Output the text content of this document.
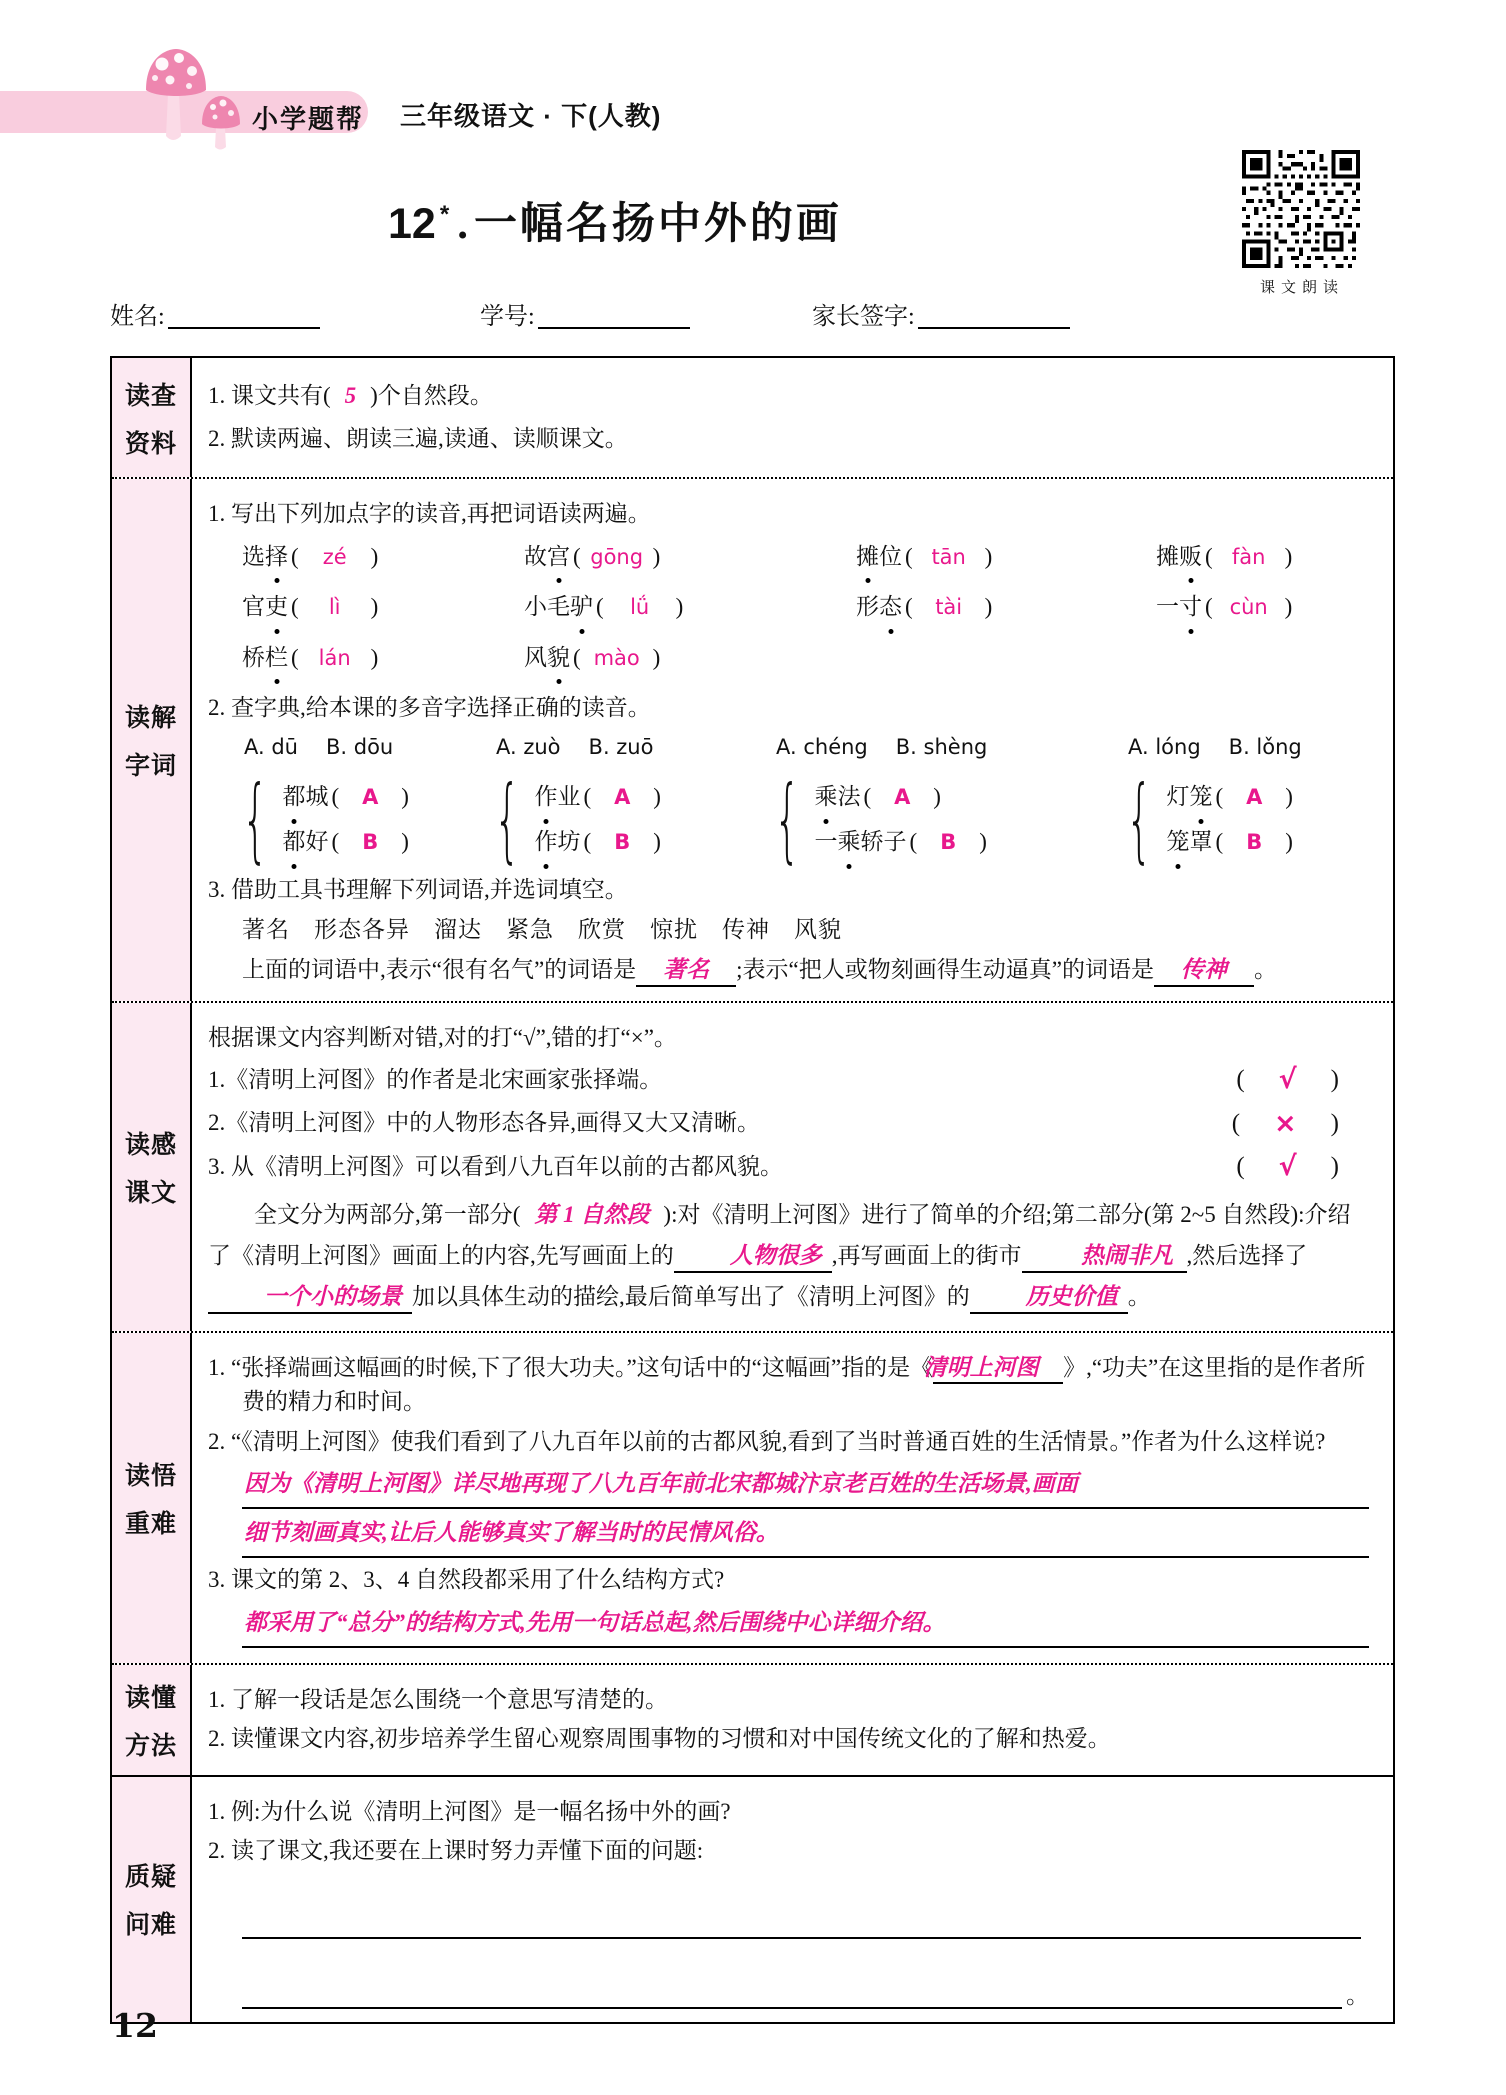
小学题帮 三年级语文 · 下(人教)
课文朗读
12 * . 一幅名扬中外的画
姓名:	学号:	家长签字:
读查
资料

1. 课文共有( 5 )个自然段。

2. 默读两遍、朗读三遍,读通、读顺课文。

读解
字词

1. 写出下列加点字的读音,再把词语读两遍。

选 择 (	zé	)	故 宫 ( gōng )	摊 位 ( tān )	摊 贩 ( fàn )
官 吏 (	lì	)	小毛 驴 (	lǘ	)	形 态 (	tài )	一 寸 ( cùn )
桥 栏 ( lán )	风 貌 ( mào )

2. 查字典,给本课的多音字选择正确的读音。

A. dū B. dōu
{ 都 城 (	A )
都 好 (	B	)
A. zuò B. zuō
{ 作 业 (	A )
作 坊 (	B	)
A. chéng B. shèng
{ 乘 法 (	A )
一 乘 轿子 (	B	)
A. lóng B. lǒng
{ 灯 笼 (	A )
笼 罩 (	B	)

3. 借助工具书理解下列词语,并选词填空。

著名　形态各异　溜达　紧急　欣赏　惊扰　传神　风貌

上面的词语中,表示“很有名气”的词语是 著名 ;表示“把人或物刻画得生动逼真”的词语是 传神 。

读感
课文

根据课文内容判断对错,对的打“√”,错的打“×”。

1.《清明上河图》的作者是北宋画家张择端。	( √ )
2.《清明上河图》中的人物形态各异,画得又大又清晰。	( × )
3. 从《清明上河图》可以看到八九百年以前的古都风貌。	( √ )

全文分为两部分,第一部分( 第 1 自然段 ):对《清明上河图》进行了简单的介绍;第二部分(第 2~5 自然段):介绍了《清明上河图》画面上的内容,先写画面上的 人物很多 ,再写画面上的街市	热闹非凡 ,然后选择了一个小的场景 加以具体生动的描绘,最后简单写出了《清明上河图》的 历史价值 。

读悟
重难

1. “张择端画这幅画的时候,下了很大功夫。”这句话中的“这幅画”指的是《清明上河图 》,“功夫”在这里指的是作者所费的精力和时间。

2. “《清明上河图》使我们看到了八九百年以前的古都风貌,看到了当时普通百姓的生活情景。”作者为什么这样说?

因为《清明上河图》详尽地再现了八九百年前北宋都城汴京老百姓的生活场景,画面
细节刻画真实,让后人能够真实了解当时的民情风俗。

3. 课文的第 2、3、4 自然段都采用了什么结构方式?

都采用了“总分”的结构方式,先用一句话总起,然后围绕中心详细介绍。
读懂
方法

1. 了解一段话是怎么围绕一个意思写清楚的。

2. 读懂课文内容,初步培养学生留心观察周围事物的习惯和对中国传统文化的了解和热爱。

质疑
问难

1. 例:为什么说《清明上河图》是一幅名扬中外的画?

2. 读了课文,我还要在上课时努力弄懂下面的问题:

。
12
